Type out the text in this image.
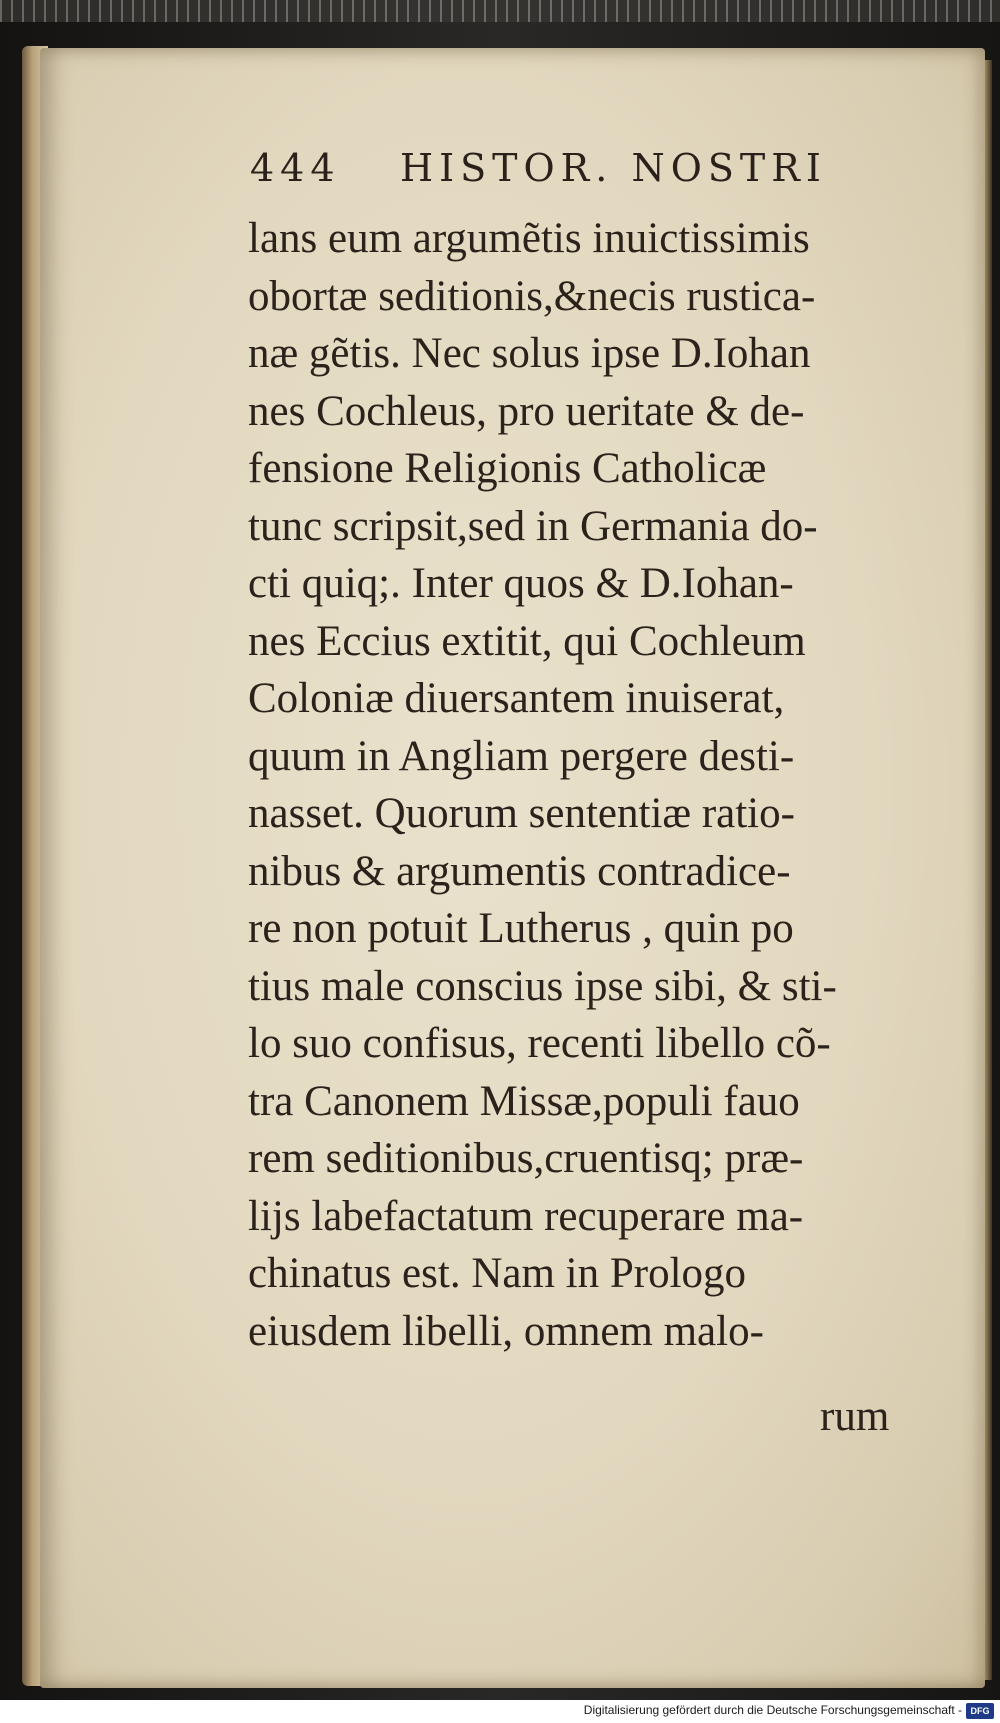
444 HISTOR. NOSTRI
lans eum argumẽtis inuictissimis
obortæ seditionis,&necis rustica-
næ gẽtis. Nec solus ipse D.Iohan
nes Cochleus, pro ueritate & de-
fensione Religionis Catholicæ
tunc scripsit,sed in Germania do-
cti quiq;. Inter quos & D.Iohan-
nes Eccius extitit, qui Cochleum
Coloniæ diuersantem inuiserat,
quum in Angliam pergere desti-
nasset. Quorum sententiæ ratio-
nibus & argumentis contradice-
re non potuit Lutherus , quin po
tius male conscius ipse sibi, & sti-
lo suo confisus, recenti libello cõ-
tra Canonem Missæ,populi fauo
rem seditionibus,cruentisq; præ-
lijs labefactatum recuperare ma-
chinatus est. Nam in Prologo
eiusdem libelli, omnem malo-
rum
Digitalisierung gefördert durch die Deutsche Forschungsgemeinschaft - DFG
